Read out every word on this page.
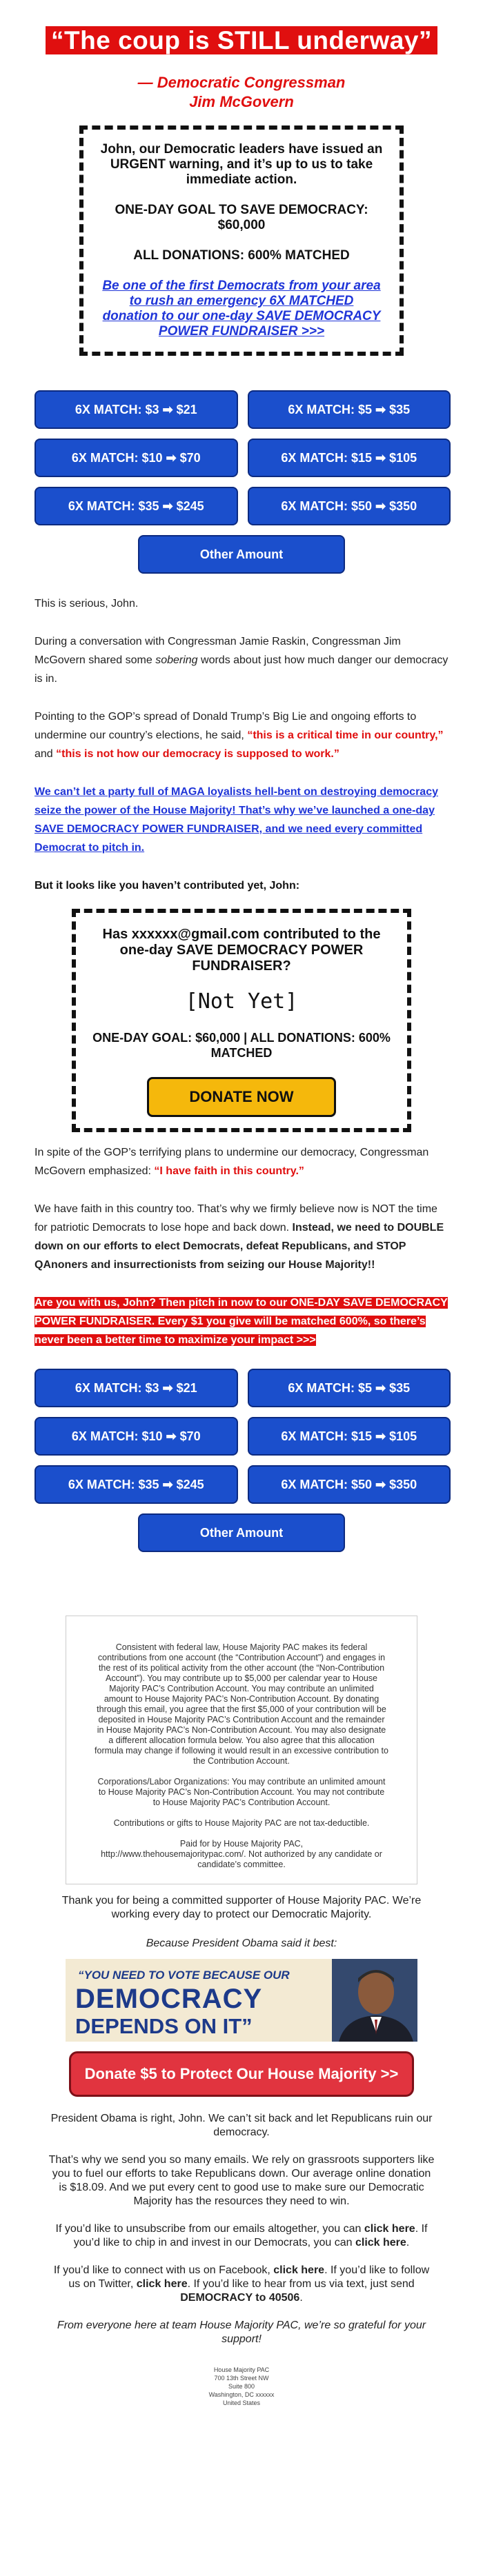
“The coup is STILL underway”
— Democratic Congressman
Jim McGovern

John, our Democratic leaders have issued an URGENT warning, and it’s up to us to take immediate action.

ONE-DAY GOAL TO SAVE DEMOCRACY:
$60,000

ALL DONATIONS: 600% MATCHED

Be one of the first Democrats from your area to rush an emergency 6X MATCHED donation to our one-day SAVE DEMOCRACY POWER FUNDRAISER >>>
6X MATCH: $3 ➡ $21	6X MATCH: $5 ➡ $35
6X MATCH: $10 ➡ $70	6X MATCH: $15 ➡ $105
6X MATCH: $35 ➡ $245	6X MATCH: $50 ➡ $350
Other Amount

This is serious, John.

During a conversation with Congressman Jamie Raskin, Congressman Jim McGovern shared some sobering words about just how much danger our democracy is in.

Pointing to the GOP’s spread of Donald Trump’s Big Lie and ongoing efforts to undermine our country’s elections, he said, “this is a critical time in our country,” and “this is not how our democracy is supposed to work.”

We can’t let a party full of MAGA loyalists hell-bent on destroying democracy seize the power of the House Majority! That’s why we’ve launched a one-day SAVE DEMOCRACY POWER FUNDRAISER, and we need every committed Democrat to pitch in.

But it looks like you haven’t contributed yet, John:

Has xxxxxx@gmail.com contributed to the one-day SAVE DEMOCRACY POWER FUNDRAISER?

[Not Yet]

ONE-DAY GOAL: $60,000 | ALL DONATIONS: 600% MATCHED

DONATE NOW

In spite of the GOP’s terrifying plans to undermine our democracy, Congressman McGovern emphasized: “I have faith in this country.”

We have faith in this country too. That’s why we firmly believe now is NOT the time for patriotic Democrats to lose hope and back down. Instead, we need to DOUBLE down on our efforts to elect Democrats, defeat Republicans, and STOP QAnoners and insurrectionists from seizing our House Majority!!

Are you with us, John? Then pitch in now to our ONE-DAY SAVE DEMOCRACY POWER FUNDRAISER. Every $1 you give will be matched 600%, so there’s never been a better time to maximize your impact >>>

6X MATCH: $3 ➡ $21	6X MATCH: $5 ➡ $35
6X MATCH: $10 ➡ $70	6X MATCH: $15 ➡ $105
6X MATCH: $35 ➡ $245	6X MATCH: $50 ➡ $350
Other Amount

Consistent with federal law, House Majority PAC makes its federal contributions from one account (the “Contribution Account”) and engages in the rest of its political activity from the other account (the “Non-Contribution Account”). You may contribute up to $5,000 per calendar year to House Majority PAC’s Contribution Account. You may contribute an unlimited amount to House Majority PAC’s Non-Contribution Account. By donating through this email, you agree that the first $5,000 of your contribution will be deposited in House Majority PAC’s Contribution Account and the remainder in House Majority PAC’s Non-Contribution Account. You may also designate a different allocation formula below. You also agree that this allocation formula may change if following it would result in an excessive contribution to the Contribution Account.

Corporations/Labor Organizations: You may contribute an unlimited amount to House Majority PAC’s Non-Contribution Account. You may not contribute to House Majority PAC’s Contribution Account.

Contributions or gifts to House Majority PAC are not tax-deductible.

Paid for by House Majority PAC,
http://www.thehousemajoritypac.com/. Not authorized by any candidate or candidate’s committee.

Thank you for being a committed supporter of House Majority PAC. We’re working every day to protect our Democratic Majority.

Because President Obama said it best:

“YOU NEED TO VOTE BECAUSE OUR
DEMOCRACY
DEPENDS ON IT”
Donate $5 to Protect Our House Majority >>

President Obama is right, John. We can’t sit back and let Republicans ruin our democracy.

That’s why we send you so many emails. We rely on grassroots supporters like you to fuel our efforts to take Republicans down. Our average online donation is $18.09. And we put every cent to good use to make sure our Democratic Majority has the resources they need to win.

If you’d like to unsubscribe from our emails altogether, you can click here. If you’d like to chip in and invest in our Democrats, you can click here.

If you’d like to connect with us on Facebook, click here. If you’d like to follow us on Twitter, click here. If you’d like to hear from us via text, just send DEMOCRACY to 40506.

From everyone here at team House Majority PAC, we’re so grateful for your support!

House Majority PAC
700 13th Street NW
Suite 800
Washington, DC xxxxxx
United States
